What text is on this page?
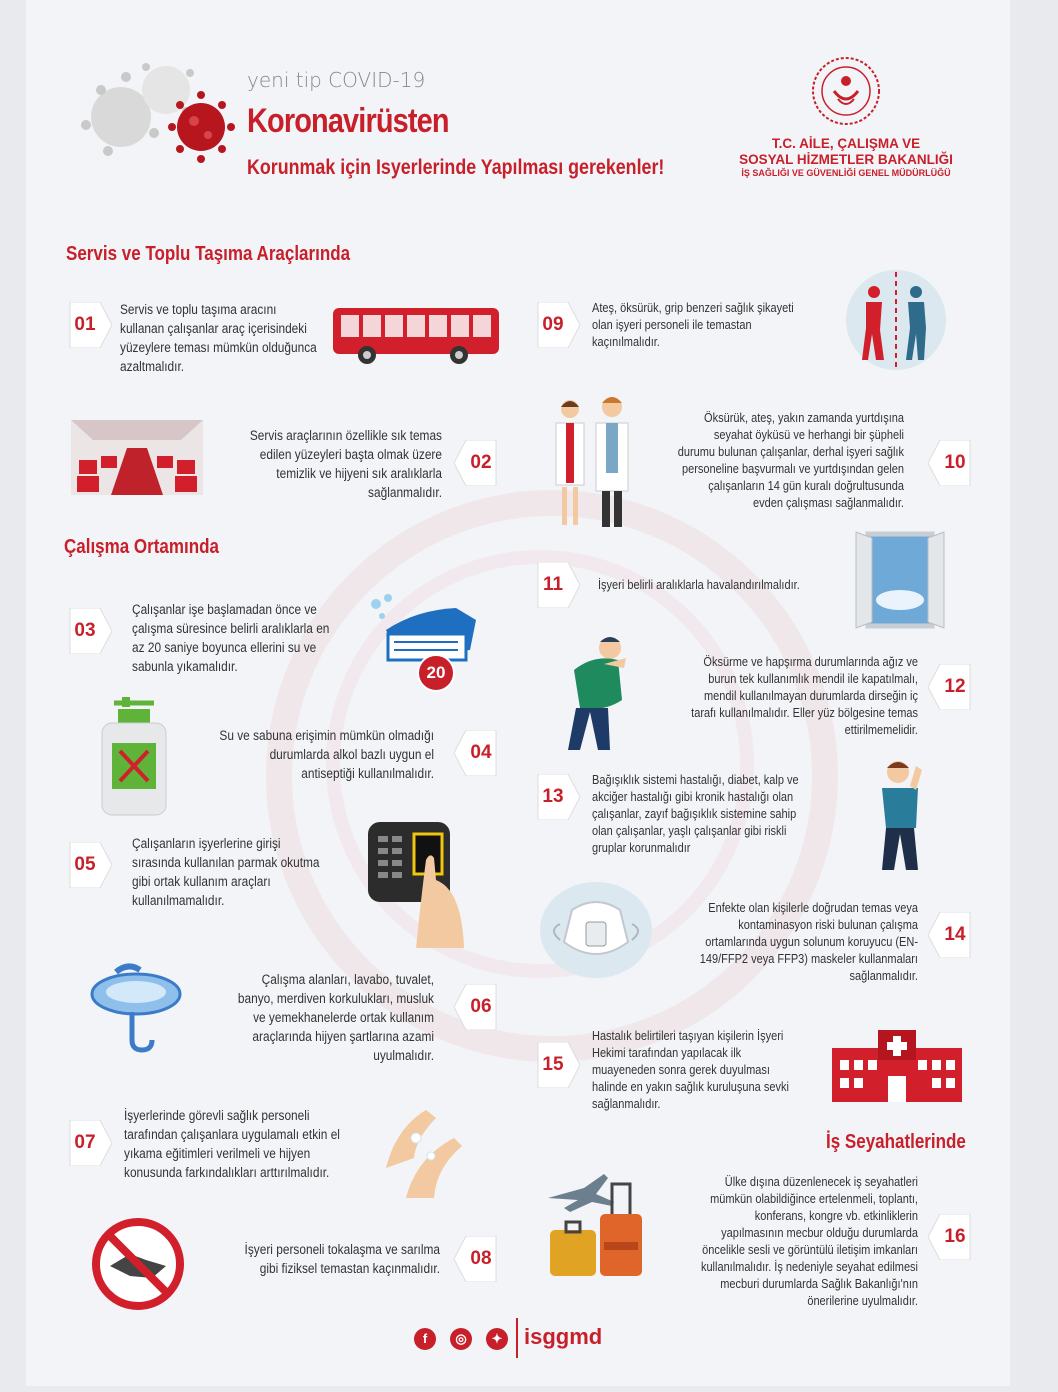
yeni tip COVID-19
Koronavirüsten
Korunmak için Isyerlerinde Yapılması gerekenler!
T.C. AİLE, ÇALIŞMA VE
SOSYAL HİZMETLER BAKANLIĞI
İŞ SAĞLIĞI VE GÜVENLİĞİ GENEL MÜDÜRLÜĞÜ
Servis ve Toplu Taşıma Araçlarında
Çalışma Ortamında
İş Seyahatlerinde
01
Servis ve toplu taşıma aracını kullanan çalışanlar araç içerisindeki yüzeylere teması mümkün olduğunca azaltmalıdır.
Servis araçlarının özellikle sık temas edilen yüzeyleri başta olmak üzere temizlik ve hijyeni sık aralıklarla sağlanmalıdır.
02
03
Çalışanlar işe başlamadan önce ve çalışma süresince belirli aralıklarla en az 20 saniye boyunca ellerini su ve sabunla yıkamalıdır.	20
Su ve sabuna erişimin mümkün olmadığı durumlarda alkol bazlı uygun el antiseptiği kullanılmalıdır.
04
05
Çalışanların işyerlerine girişi sırasında kullanılan parmak okutma gibi ortak kullanım araçları kullanılmamalıdır.
Çalışma alanları, lavabo, tuvalet, banyo, merdiven korkulukları, musluk ve yemekhanelerde ortak kullanım araçlarında hijyen şartlarına azami uyulmalıdır.
06
07
İşyerlerinde görevli sağlık personeli tarafından çalışanlara uygulamalı etkin el yıkama eğitimleri verilmeli ve hijyen konusunda farkındalıkları arttırılmalıdır.
İşyeri personeli tokalaşma ve sarılma gibi fiziksel temastan kaçınmalıdır.	08
09
Ateş, öksürük, grip benzeri sağlık şikayeti olan işyeri personeli ile temastan kaçınılmalıdır.
Öksürük, ateş, yakın zamanda yurtdışına seyahat öyküsü ve herhangi bir şüpheli durumu bulunan çalışanlar, derhal işyeri sağlık personeline başvurmalı ve yurtdışından gelen çalışanların 14 gün kuralı doğrultusunda evden çalışması sağlanmalıdır.
10
11	İşyeri belirli aralıklarla havalandırılmalıdır.
Öksürme ve hapşırma durumlarında ağız ve burun tek kullanımlık mendil ile kapatılmalı, mendil kullanılmayan durumlarda dirseğin iç tarafı kullanılmalıdır. Eller yüz bölgesine temas ettirilmemelidir.
12
13
Bağışıklık sistemi hastalığı, diabet, kalp ve akciğer hastalığı gibi kronik hastalığı olan çalışanlar, zayıf bağışıklık sistemine sahip olan çalışanlar, yaşlı çalışanlar gibi riskli gruplar korunmalıdır
Enfekte olan kişilerle doğrudan temas veya kontaminasyon riski bulunan çalışma ortamlarında uygun solunum koruyucu (EN-149/FFP2 veya FFP3) maskeler kullanmaları sağlanmalıdır.
14
15
Hastalık belirtileri taşıyan kişilerin İşyeri Hekimi tarafından yapılacak ilk muayeneden sonra gerek duyulması halinde en yakın sağlık kuruluşuna sevki sağlanmalıdır.
Ülke dışına düzenlenecek iş seyahatleri mümkün olabildiğince ertelenmeli, toplantı, konferans, kongre vb. etkinliklerin yapılmasının mecbur olduğu durumlarda öncelikle sesli ve görüntülü iletişim imkanları kullanılmalıdır. İş nedeniyle seyahat edilmesi mecburi durumlarda Sağlık Bakanlığı'nın önerilerine uyulmalıdır.
16
f	◎	✦ isggmd
